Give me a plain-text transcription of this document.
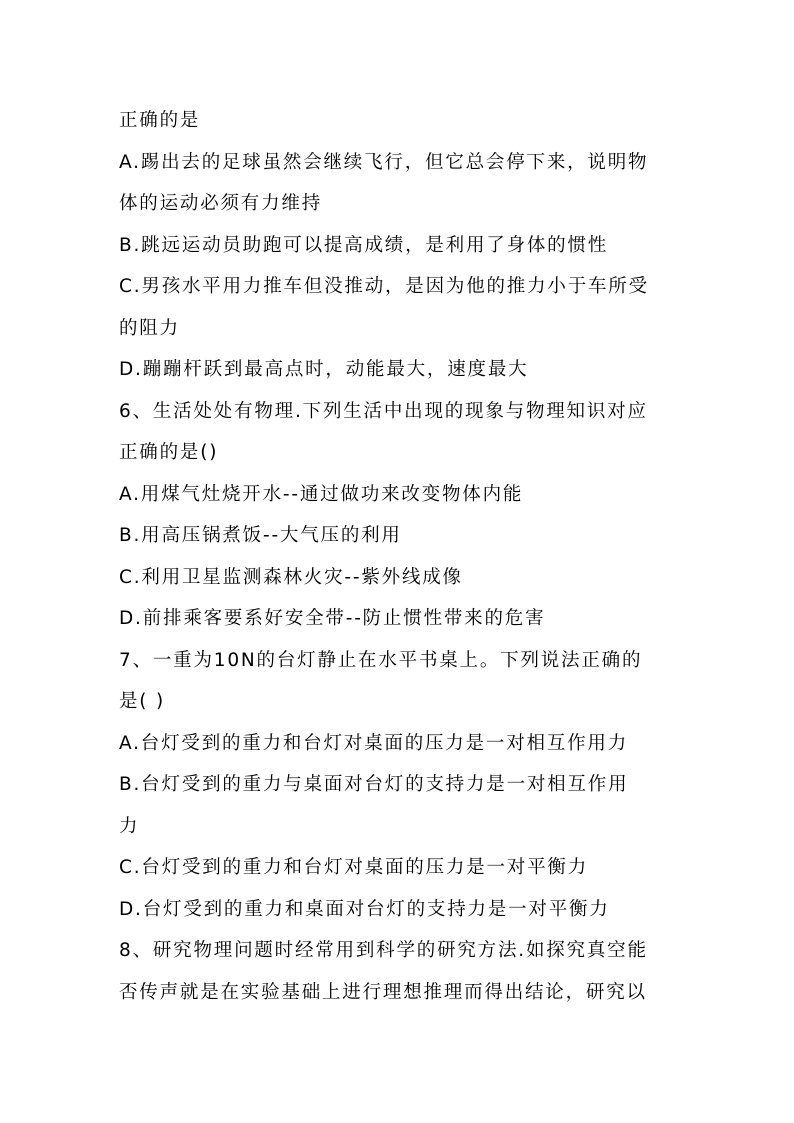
正确的是
A.踢出去的足球虽然会继续飞行，但它总会停下来，说明物
体的运动必须有力维持
B.跳远运动员助跑可以提高成绩，是利用了身体的惯性
C.男孩水平用力推车但没推动，是因为他的推力小于车所受
的阻力
D.蹦蹦杆跃到最高点时，动能最大，速度最大
6、生活处处有物理.下列生活中出现的现象与物理知识对应
正确的是()
A.用煤气灶烧开水--通过做功来改变物体内能
B.用高压锅煮饭--大气压的利用
C.利用卫星监测森林火灾--紫外线成像
D.前排乘客要系好安全带--防止惯性带来的危害
7、一重为10N的台灯静止在水平书桌上。下列说法正确的
是( )
A.台灯受到的重力和台灯对桌面的压力是一对相互作用力
B.台灯受到的重力与桌面对台灯的支持力是一对相互作用
力
C.台灯受到的重力和台灯对桌面的压力是一对平衡力
D.台灯受到的重力和桌面对台灯的支持力是一对平衡力
8、研究物理问题时经常用到科学的研究方法.如探究真空能
否传声就是在实验基础上进行理想推理而得出结论，研究以
